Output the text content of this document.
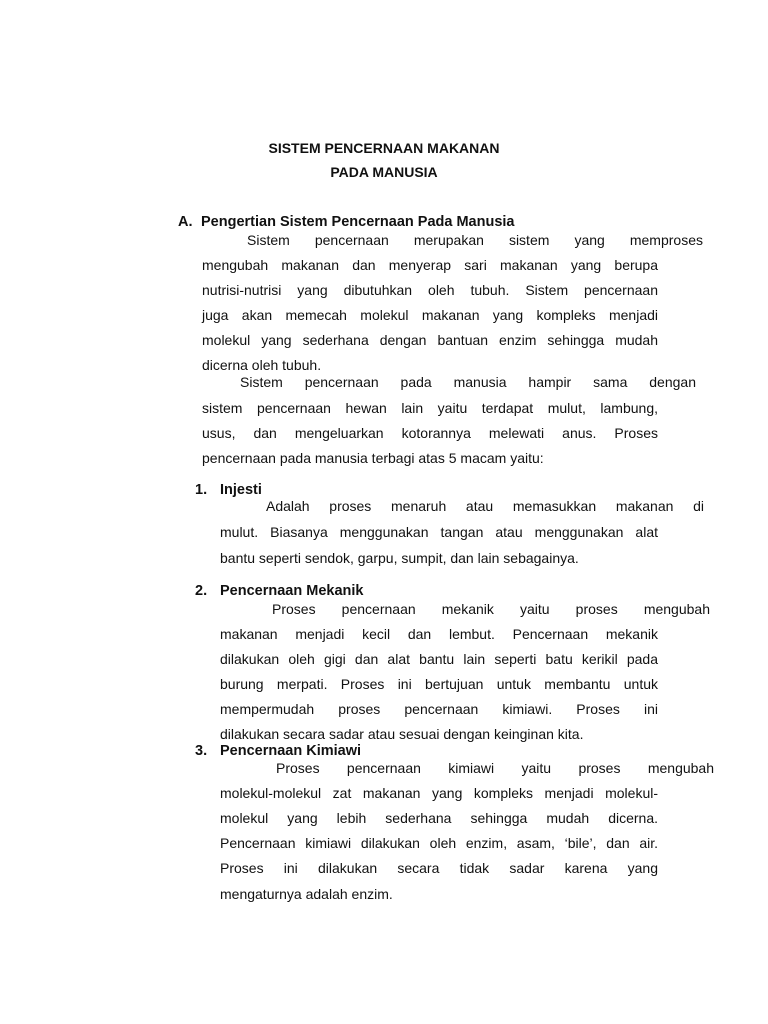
SISTEM PENCERNAAN MAKANAN
PADA MANUSIA
A. Pengertian Sistem Pencernaan Pada Manusia
Sistem pencernaan merupakan sistem yang memproses
mengubah makanan dan menyerap sari makanan yang berupa
nutrisi-nutrisi yang dibutuhkan oleh tubuh. Sistem pencernaan
juga akan memecah molekul makanan yang kompleks menjadi
molekul yang sederhana dengan bantuan enzim sehingga mudah
dicerna oleh tubuh.
Sistem pencernaan pada manusia hampir sama dengan
sistem pencernaan hewan lain yaitu terdapat mulut, lambung,
usus, dan mengeluarkan kotorannya melewati anus. Proses
pencernaan pada manusia terbagi atas 5 macam yaitu:
1. Injesti
Adalah proses menaruh atau memasukkan makanan di
mulut. Biasanya menggunakan tangan atau menggunakan alat
bantu seperti sendok, garpu, sumpit, dan lain sebagainya.
2. Pencernaan Mekanik
Proses pencernaan mekanik yaitu proses mengubah
makanan menjadi kecil dan lembut. Pencernaan mekanik
dilakukan oleh gigi dan alat bantu lain seperti batu kerikil pada
burung merpati. Proses ini bertujuan untuk membantu untuk
mempermudah proses pencernaan kimiawi. Proses ini
dilakukan secara sadar atau sesuai dengan keinginan kita.
3. Pencernaan Kimiawi
Proses pencernaan kimiawi yaitu proses mengubah
molekul-molekul zat makanan yang kompleks menjadi molekul-
molekul yang lebih sederhana sehingga mudah dicerna.
Pencernaan kimiawi dilakukan oleh enzim, asam, ‘bile’, dan air.
Proses ini dilakukan secara tidak sadar karena yang
mengaturnya adalah enzim.
